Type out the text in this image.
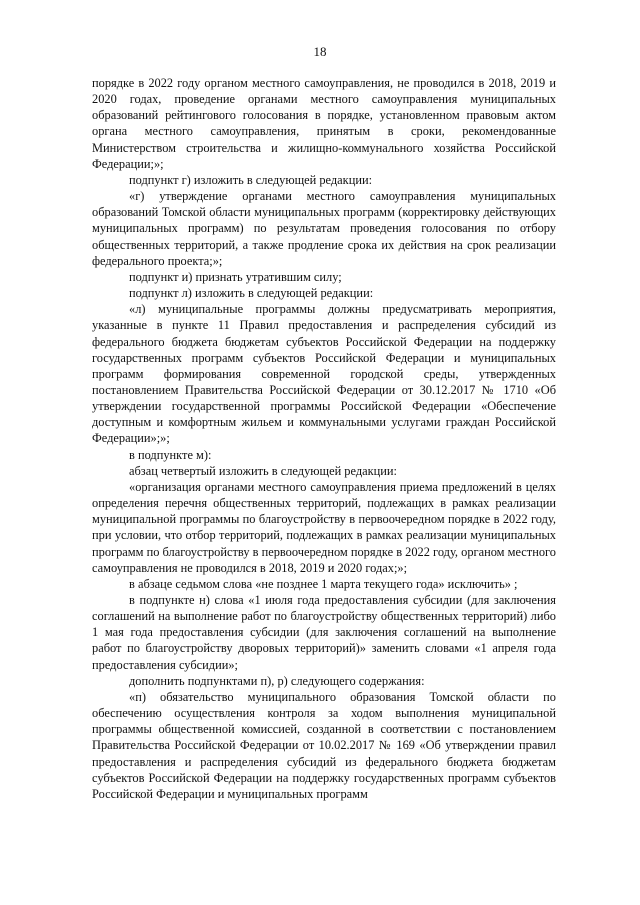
18

порядке в 2022 году органом местного самоуправления, не проводился в 2018, 2019 и 2020 годах, проведение органами местного самоуправления муниципальных образований рейтингового голосования в порядке, установленном правовым актом органа местного самоуправления, принятым в сроки, рекомендованные Министерством строительства и жилищно-коммунального хозяйства Российской Федерации;»;

подпункт г) изложить в следующей редакции:

«г) утверждение органами местного самоуправления муниципальных образований Томской области муниципальных программ (корректировку действующих муниципальных программ) по результатам проведения голосования по отбору общественных территорий, а также продление срока их действия на срок реализации федерального проекта;»;

подпункт и) признать утратившим силу;

подпункт л) изложить в следующей редакции:

«л) муниципальные программы должны предусматривать мероприятия, указанные в пункте 11 Правил предоставления и распределения субсидий из федерального бюджета бюджетам субъектов Российской Федерации на поддержку государственных программ субъектов Российской Федерации и муниципальных программ формирования современной городской среды, утвержденных постановлением Правительства Российской Федерации от 30.12.2017 № 1710 «Об утверждении государственной программы Российской Федерации «Обеспечение доступным и комфортным жильем и коммунальными услугами граждан Российской Федерации»;»;

в подпункте м):

абзац четвертый изложить в следующей редакции:

«организация органами местного самоуправления приема предложений в целях определения перечня общественных территорий, подлежащих в рамках реализации муниципальной программы по благоустройству в первоочередном порядке в 2022 году, при условии, что отбор территорий, подлежащих в рамках реализации муниципальных программ по благоустройству в первоочередном порядке в 2022 году, органом местного самоуправления не проводился в 2018, 2019 и 2020 годах;»;

в абзаце седьмом слова «не позднее 1 марта текущего года» исключить» ;

в подпункте н) слова «1 июля года предоставления субсидии (для заключения соглашений на выполнение работ по благоустройству общественных территорий) либо 1 мая года предоставления субсидии (для заключения соглашений на выполнение работ по благоустройству дворовых территорий)» заменить словами «1 апреля года предоставления субсидии»;

дополнить подпунктами п), р) следующего содержания:

«п) обязательство муниципального образования Томской области по обеспечению осуществления контроля за ходом выполнения муниципальной программы общественной комиссией, созданной в соответствии с постановлением Правительства Российской Федерации от 10.02.2017 № 169 «Об утверждении правил предоставления и распределения субсидий из федерального бюджета бюджетам субъектов Российской Федерации на поддержку государственных программ субъектов Российской Федерации и муниципальных программ
